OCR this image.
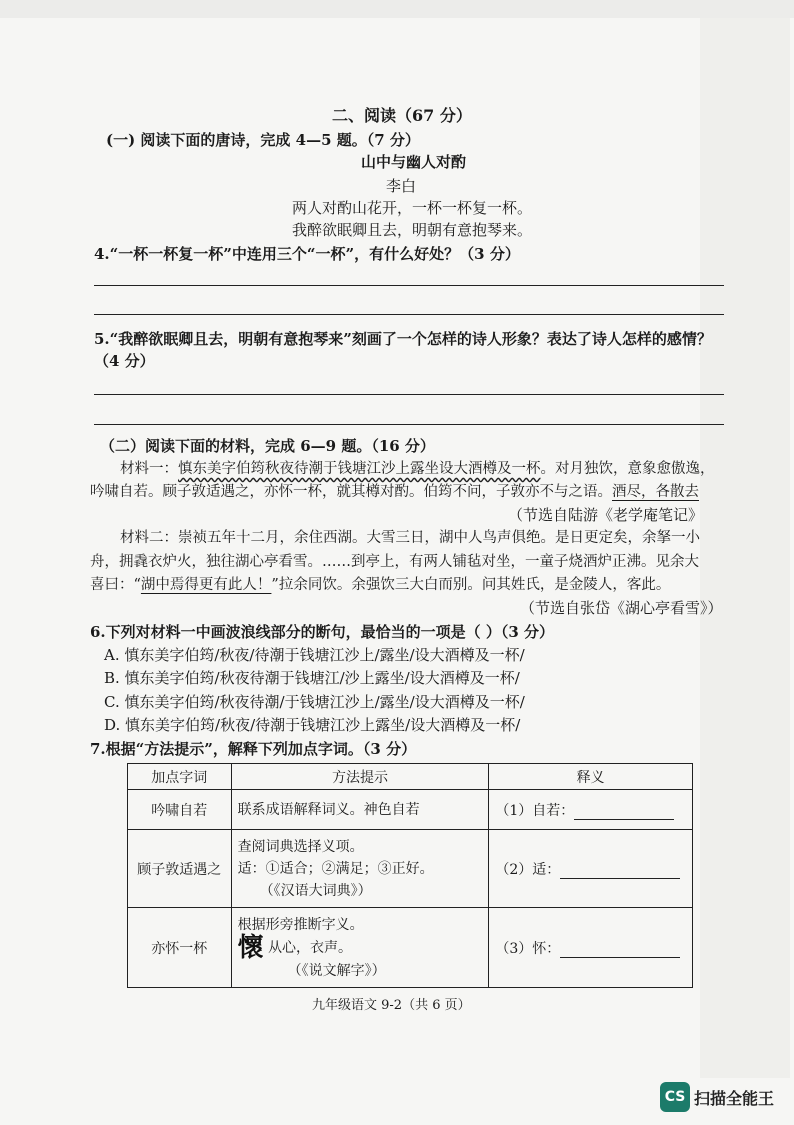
二、阅读（67 分）
(一) 阅读下面的唐诗，完成 4—5 题。（7 分）
山中与幽人对酌
李白
两人对酌山花开，一杯一杯复一杯。
我醉欲眠卿且去，明朝有意抱琴来。
4.“一杯一杯复一杯”中连用三个“一杯”，有什么好处？（3 分）
5.“我醉欲眠卿且去，明朝有意抱琴来”刻画了一个怎样的诗人形象？表达了诗人怎样的感情？
（4 分）
（二）阅读下面的材料，完成 6—9 题。（16 分）
材料一：慎东美字伯筠秋夜待潮于钱塘江沙上露坐设大酒樽及一杯。对月独饮，意象愈傲逸，
吟啸自若。顾子敦适遇之，亦怀一杯，就其樽对酌。伯筠不问，子敦亦不与之语。酒尽，各散去
（节选自陆游《老学庵笔记》
材料二：崇祯五年十二月，余住西湖。大雪三日，湖中人鸟声俱绝。是日更定矣，余拏一小
舟，拥毳衣炉火，独往湖心亭看雪。……到亭上，有两人铺毡对坐，一童子烧酒炉正沸。见余大
喜曰：“湖中焉得更有此人！”拉余同饮。余强饮三大白而别。问其姓氏，是金陵人，客此。
（节选自张岱《湖心亭看雪》）
6.下列对材料一中画波浪线部分的断句，最恰当的一项是（ ）（3 分）
A. 慎东美字伯筠/秋夜/待潮于钱塘江沙上/露坐/设大酒樽及一杯/
B. 慎东美字伯筠/秋夜待潮于钱塘江/沙上露坐/设大酒樽及一杯/
C. 慎东美字伯筠/秋夜待潮/于钱塘江沙上/露坐/设大酒樽及一杯/
D. 慎东美字伯筠/秋夜/待潮于钱塘江沙上露坐/设大酒樽及一杯/
7.根据“方法提示”，解释下列加点字词。（3 分）
加点字词	方法提示	释义
吟啸自若	联系成语解释词义。神色自若	（1）自若：
顾子敦适遇之	查阅词典选择义项。
适：①适合；②满足；③正好。
（《汉语大词典》）	（2）适：
亦怀一杯	根据形旁推断字义。
懷 从心，衣声。
（《说文解字》）	（3）怀：
九年级语文 9-2（共 6 页）
CS 扫描全能王
